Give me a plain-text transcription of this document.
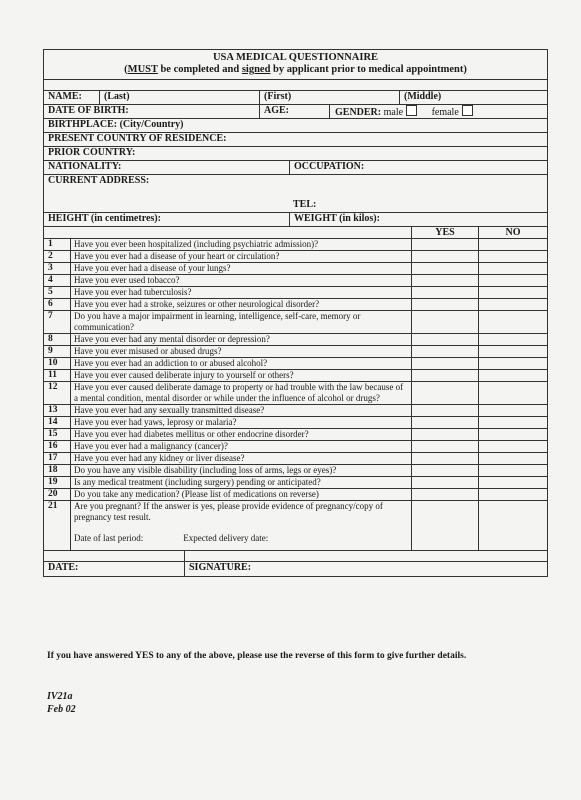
USA MEDICAL QUESTIONNAIRE
(MUST be completed and signed by applicant prior to medical appointment)
NAME:	(Last)	(First)	(Middle)
DATE OF BIRTH:	AGE:	GENDER: male	female
BIRTHPLACE: (City/Country)
PRESENT COUNTRY OF RESIDENCE:
PRIOR COUNTRY:
NATIONALITY:	OCCUPATION:
CURRENT ADDRESS:
TEL:
HEIGHT (in centimetres):	WEIGHT (in kilos):
		YES	NO
1	Have you ever been hospitalized (including psychiatric admission)?		

2	Have you ever had a disease of your heart or circulation?		

3	Have you ever had a disease of your lungs?		

4	Have you ever used tobacco?		

5	Have you ever had tuberculosis?		

6	Have you ever had a stroke, seizures or other neurological disorder?		

7	Do you have a major impairment in learning, intelligence, self-care, memory or communication?		

8	Have you ever had any mental disorder or depression?		

9	Have you ever misused or abused drugs?		

10	Have you ever had an addiction to or abused alcohol?		

11	Have you ever caused deliberate injury to yourself or others?		

12	Have you ever caused deliberate damage to property or had trouble with the law because of a mental condition, mental disorder or while under the influence of alcohol or drugs?		

13	Have you ever had any sexually transmitted disease?		

14	Have you ever had yaws, leprosy or malaria?		

15	Have you ever had diabetes mellitus or other endocrine disorder?		

16	Have you ever had a malignancy (cancer)?		

17	Have you ever had any kidney or liver disease?		

18	Do you have any visible disability (including loss of arms, legs or eyes)?		

19	Is any medical treatment (including surgery) pending or anticipated?		

20	Do you take any medication? (Please list of medications on reverse)		

21	Are you pregnant? If the answer is yes, please provide evidence of pregnancy/copy of pregnancy test result.
Date of last period: Expected delivery date:		

DATE:	SIGNATURE:
If you have answered YES to any of the above, please use the reverse of this form to give further details.
IV21a
Feb 02
